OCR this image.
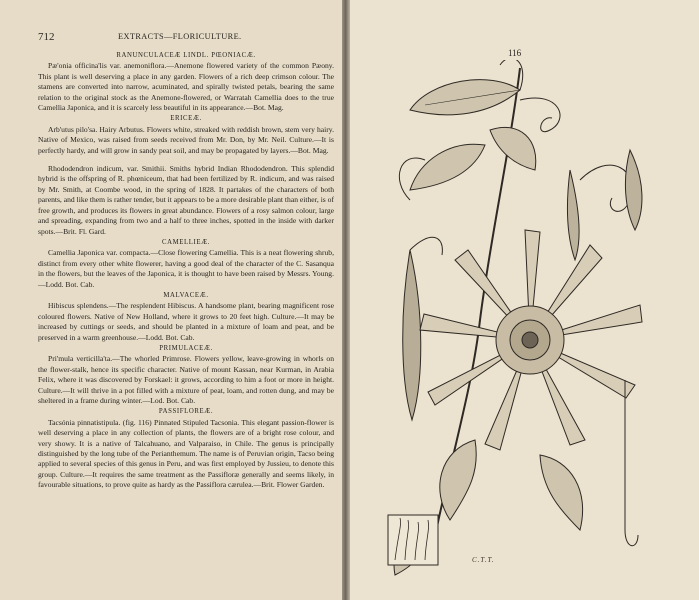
712	EXTRACTS—FLORICULTURE.
RANUNCULACEÆ LINDL. PŒONIACÆ.

Pæ'onia officina'lis var. anemoniflora.—Anemone flowered variety of the common Pæony. This plant is well deserving a place in any garden. Flowers of a rich deep crimson colour. The stamens are converted into narrow, acuminated, and spirally twisted petals, bearing the same relation to the original stock as the Anemone-flowered, or Warratah Camellia does to the true Camellia Japonica, and it is scarcely less beautiful in its appearance.—Bot. Mag.

ERICEÆ.

Arb'utus pilo'sa. Hairy Arbutus. Flowers white, streaked with reddish brown, stem very hairy. Native of Mexico, was raised from seeds received from Mr. Don, by Mr. Neil. Culture.—It is perfectly hardy, and will grow in sandy peat soil, and may be propagated by layers.—Bot. Mag.

Rhododendron indicum, var. Smithii. Smiths hybrid Indian Rhododendron. This splendid hybrid is the offspring of R. phœniceum, that had been fertilized by R. indicum, and was raised by Mr. Smith, at Coombe wood, in the spring of 1828. It partakes of the characters of both parents, and like them is rather tender, but it appears to be a more desirable plant than either, is of free growth, and produces its flowers in great abundance. Flowers of a rosy salmon colour, large and spreading, expanding from two and a half to three inches, spotted in the inside with darker spots.—Brit. Fl. Gard.

CAMELLIEÆ.

Camellia Japonica var. compacta.—Close flowering Camellia. This is a neat flowering shrub, distinct from every other white flowerer, having a good deal of the character of the C. Sasanqua in the flowers, but the leaves of the Japonica, it is thought to have been raised by Messrs. Young.—Lodd. Bot. Cab.

MALVACEÆ.

Hibiscus splendens.—The resplendent Hibiscus. A handsome plant, bearing magnificent rose coloured flowers. Native of New Holland, where it grows to 20 feet high. Culture.—It may be increased by cuttings or seeds, and should be planted in a mixture of loam and peat, and be preserved in a warm greenhouse.—Lodd. Bot. Cab.

PRIMULACEÆ.

Pri'mula verticilla'ta.—The whorled Primrose. Flowers yellow, leave-growing in whorls on the flower-stalk, hence its specific character. Native of mount Kassan, near Kurman, in Arabia Felix, where it was discovered by Forskael: it grows, according to him a foot or more in height. Culture.—It will thrive in a pot filled with a mixture of peat, loam, and rotten dung, and may be sheltered in a frame during winter.—Lod. Bot. Cab.

PASSIFLOREÆ.

Tacsónia pinnatistipula. (fig. 116) Pinnated Stipuled Tacsonia. This elegant passion-flower is well deserving a place in any collection of plants, the flowers are of a bright rose colour, and very showy. It is a native of Talcahuano, and Valparaiso, in Chile. The genus is principally distinguished by the long tube of the Perianthemum. The name is of Peruvian origin, Tacso being applied to several species of this genus in Peru, and was first employed by Jussieu, to denote this group. Culture.—It requires the same treatment as the Passifloræ generally and seems likely, in favourable situations, to prove quite as hardy as the Passiflora cærulea.—Brit. Flower Garden.

116
C.T.T.
